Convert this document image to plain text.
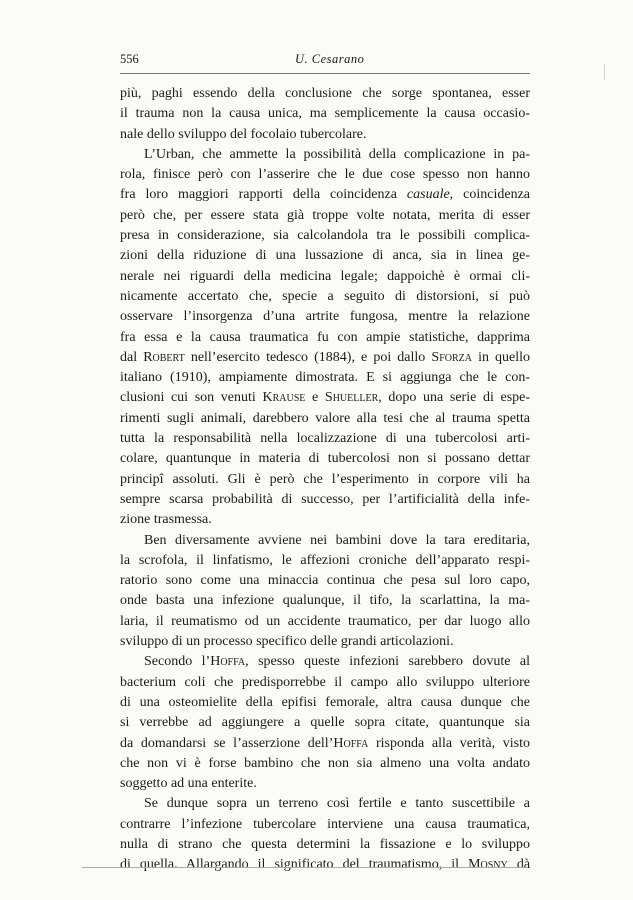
556	U. Cesarano
più, paghi essendo della conclusione che sorge spontanea, esser
il trauma non la causa unica, ma semplicemente la causa occasio-
nale dello sviluppo del focolaio tubercolare.
L’Urban, che ammette la possibilità della complicazione in pa-
rola, finisce però con l’asserire che le due cose spesso non hanno
fra loro maggiori rapporti della coincidenza casuale, coincidenza
però che, per essere stata già troppe volte notata, merita di esser
presa in considerazione, sia calcolandola tra le possibili complica-
zioni della riduzione di una lussazione di anca, sia in linea ge-
nerale nei riguardi della medicina legale; dappoichè è ormai cli-
nicamente accertato che, specie a seguito di distorsioni, si può
osservare l’insorgenza d’una artrite fungosa, mentre la relazione
fra essa e la causa traumatica fu con ampie statistiche, dapprima
dal Robert nell’esercito tedesco (1884), e poi dallo Sforza in quello
italiano (1910), ampiamente dimostrata. E si aggiunga che le con-
clusioni cui son venuti Krause e Shueller, dopo una serie di espe-
rimenti sugli animali, darebbero valore alla tesi che al trauma spetta
tutta la responsabilità nella localizzazione di una tubercolosi arti-
colare, quantunque in materia di tubercolosi non si possano dettar
principî assoluti. Gli è però che l’esperimento in corpore vili ha
sempre scarsa probabilità di successo, per l’artificialità della infe-
zione trasmessa.
Ben diversamente avviene nei bambini dove la tara ereditaria,
la scrofola, il linfatismo, le affezioni croniche dell’apparato respi-
ratorio sono come una minaccia continua che pesa sul loro capo,
onde basta una infezione qualunque, il tifo, la scarlattina, la ma-
laria, il reumatismo od un accidente traumatico, per dar luogo allo
sviluppo di un processo specifico delle grandi articolazioni.
Secondo l’Hoffa, spesso queste infezioni sarebbero dovute al
bacterium coli che predisporrebbe il campo allo sviluppo ulteriore
di una osteomielite della epifisi femorale, altra causa dunque che
si verrebbe ad aggiungere a quelle sopra citate, quantunque sia
da domandarsi se l’asserzione dell’Hoffa risponda alla verità, visto
che non vi è forse bambino che non sia almeno una volta andato
soggetto ad una enterite.
Se dunque sopra un terreno così fertile e tanto suscettibile a
contrarre l’infezione tubercolare interviene una causa traumatica,
nulla di strano che questa determini la fissazione e lo sviluppo
di quella. Allargando il significato del traumatismo, il Mosny dà
